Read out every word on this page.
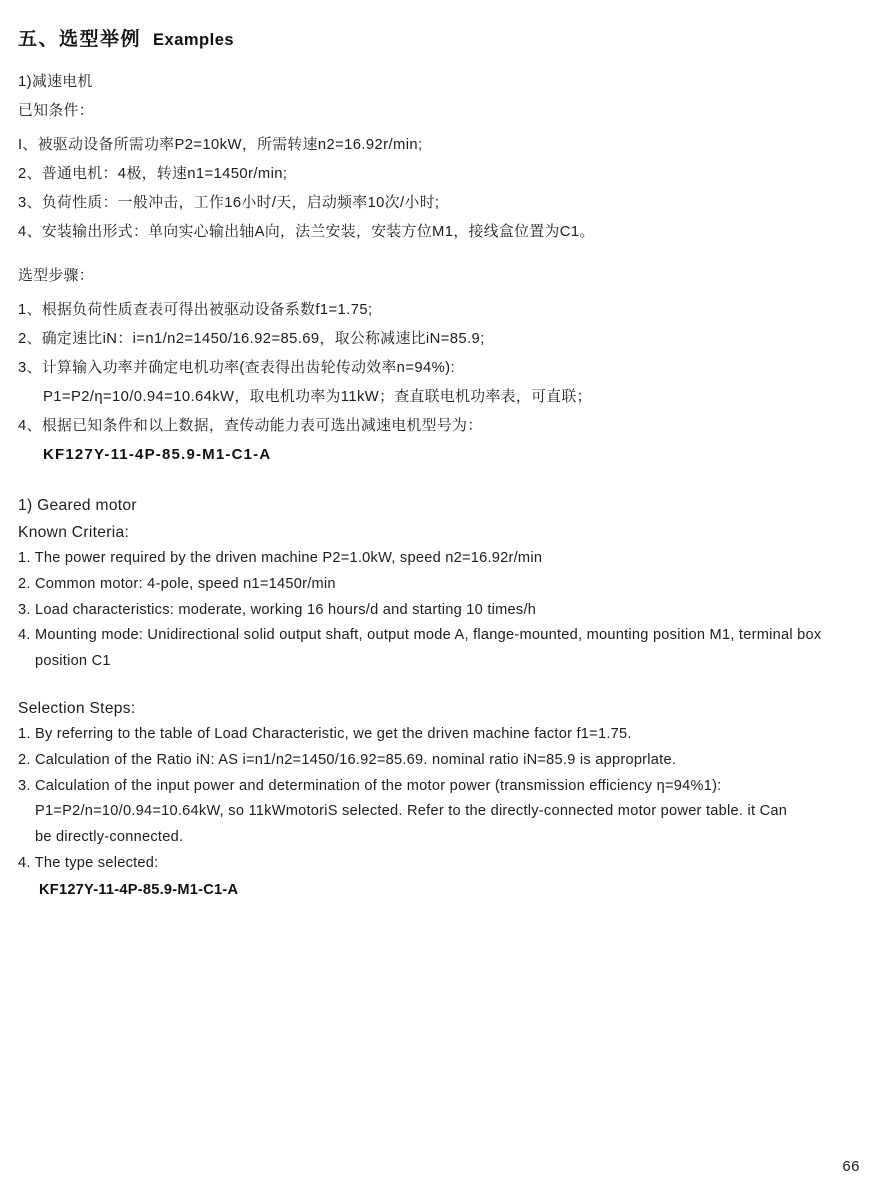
五、选型举例 Examples

1)减速电机

已知条件：

I、被驱动设备所需功率P2=10kW，所需转速n2=16.92r/min;

2、普通电机：4极，转速n1=1450r/min;

3、负荷性质：一般冲击，工作16小时/天，启动频率10次/小时;

4、安装输出形式：单向实心输出轴A向，法兰安装，安装方位M1，接线盒位置为C1。

选型步骤：

1、根据负荷性质查表可得出被驱动设备系数f1=1.75;

2、确定速比iN：i=n1/n2=1450/16.92=85.69，取公称减速比iN=85.9;

3、计算输入功率并确定电机功率(查表得出齿轮传动效率n=94%):

P1=P2/η=10/0.94=10.64kW，取电机功率为11kW；查直联电机功率表，可直联；

4、根据已知条件和以上数据，查传动能力表可选出减速电机型号为：

KF127Y-11-4P-85.9-M1-C1-A

1) Geared motor

Known Criteria:

1. The power required by the driven machine P2=1.0kW, speed n2=16.92r/min

2. Common motor: 4-pole, speed n1=1450r/min

3. Load characteristics: moderate, working 16 hours/d and starting 10 times/h

4. Mounting mode: Unidirectional solid output shaft, output mode A, flange-mounted, mounting position M1, terminal box position C1

Selection Steps:

1. By referring to the table of Load Characteristic, we get the driven machine factor f1=1.75.

2. Calculation of the Ratio iN: AS i=n1/n2=1450/16.92=85.69. nominal ratio iN=85.9 is approprlate.

3. Calculation of the input power and determination of the motor power (transmission efficiency η=94%1):

P1=P2/n=10/0.94=10.64kW, so 11kWmotoriS selected. Refer to the directly-connected motor power table. it Can

be directly-connected.

4. The type selected:

KF127Y-11-4P-85.9-M1-C1-A

66
